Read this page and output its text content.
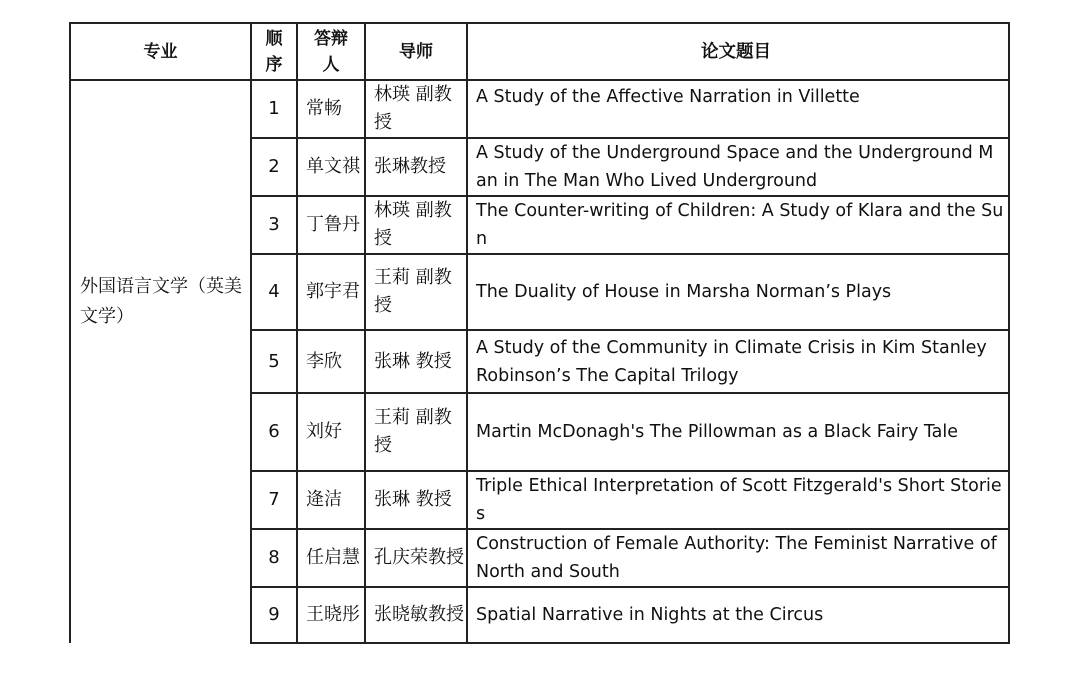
专业	顺序	答辩人	导师	论文题目

外国语言文学（英美文学）	1	常畅	林瑛 副教授	A Study of the Affective Narration in Villette
	2	单文祺	张琳教授	A Study of the Underground Space and the Underground Man in The Man Who Lived Underground
	3	丁鲁丹	林瑛 副教授	The Counter-writing of Children: A Study of Klara and the Sun
	4	郭宇君	王莉 副教授	The Duality of House in Marsha Norman’s Plays
	5	李欣	张琳 教授	A Study of the Community in Climate Crisis in Kim Stanley Robinson’s The Capital Trilogy
	6	刘好	王莉 副教授	Martin McDonagh's The Pillowman as a Black Fairy Tale
	7	逄洁	张琳 教授	Triple Ethical Interpretation of Scott Fitzgerald's Short Stories
	8	任启慧	孔庆荣教授	Construction of Female Authority: The Feminist Narrative of North and South
	9	王晓彤	张晓敏教授	Spatial Narrative in Nights at the Circus
